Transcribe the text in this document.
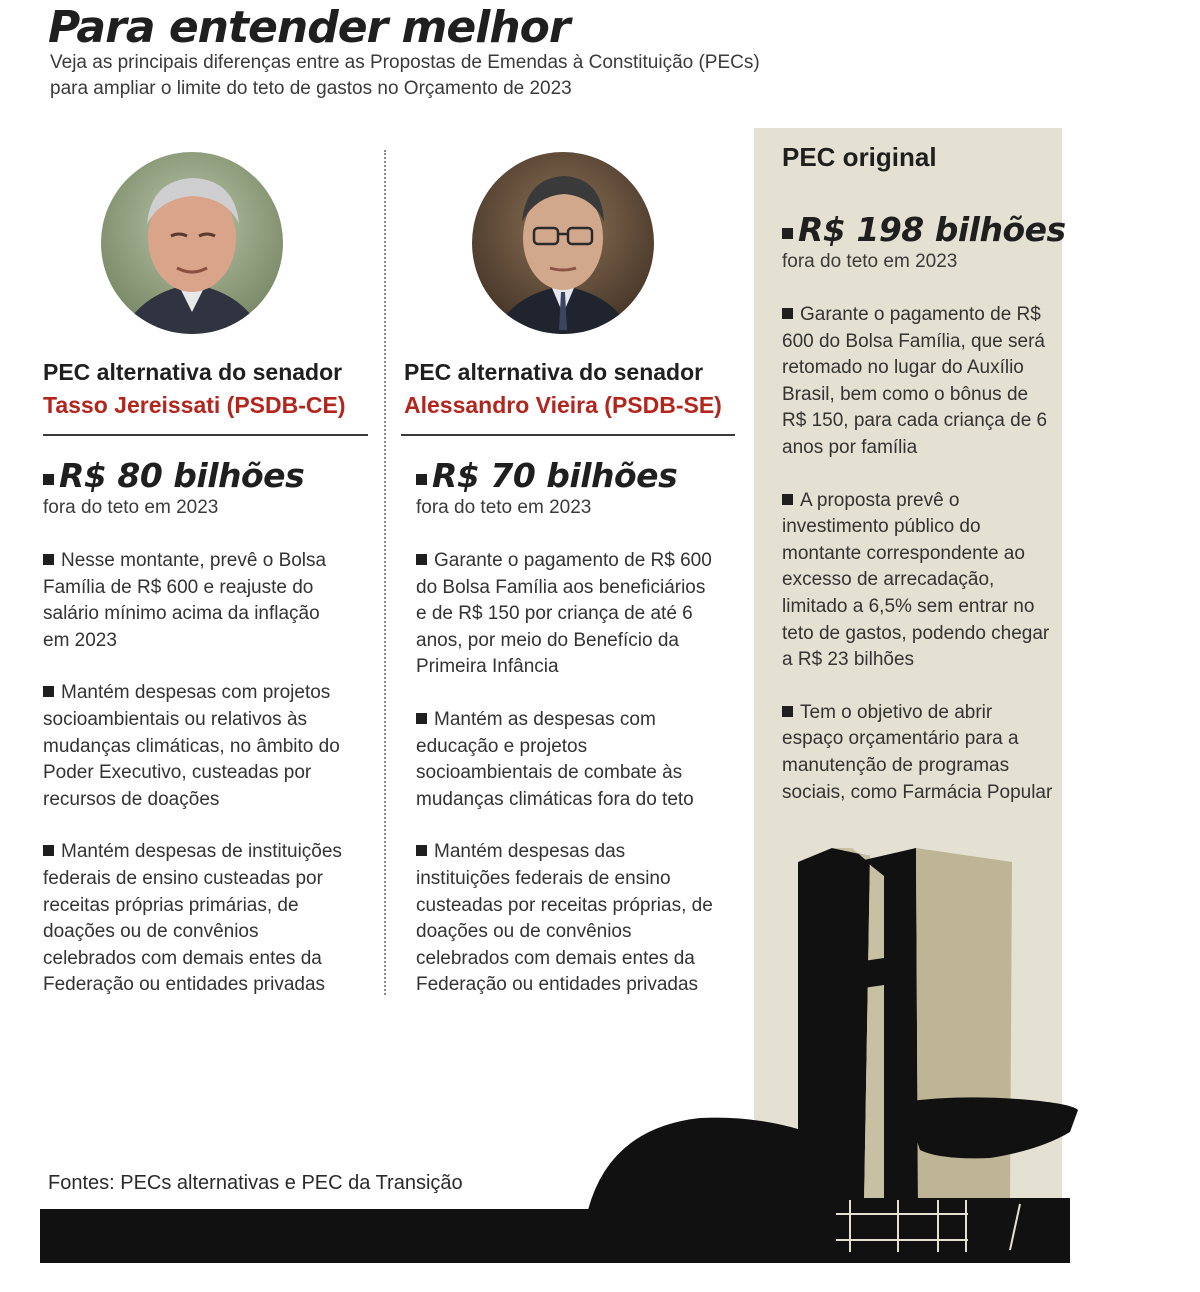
Para entender melhor
Veja as principais diferenças entre as Propostas de Emendas à Constituição (PECs) para ampliar o limite do teto de gastos no Orçamento de 2023
PEC alternativa do senador
Tasso Jereissati (PSDB-CE)
R$ 80 bilhões
fora do teto em 2023

Nesse montante, prevê o Bolsa Família de R$ 600 e reajuste do salário mínimo acima da inflação em 2023

Mantém despesas com projetos socioambientais ou relativos às mudanças climáticas, no âmbito do Poder Executivo, custeadas por recursos de doações

Mantém despesas de instituições federais de ensino custeadas por receitas próprias primárias, de doações ou de convênios celebrados com demais entes da Federação ou entidades privadas

PEC alternativa do senador
Alessandro Vieira (PSDB-SE)
R$ 70 bilhões
fora do teto em 2023

Garante o pagamento de R$ 600 do Bolsa Família aos beneficiários e de R$ 150 por criança de até 6 anos, por meio do Benefício da Primeira Infância

Mantém as despesas com educação e projetos socioambientais de combate às mudanças climáticas fora do teto

Mantém despesas das instituições federais de ensino custeadas por receitas próprias, de doações ou de convênios celebrados com demais entes da Federação ou entidades privadas

PEC original
R$ 198 bilhões
fora do teto em 2023

Garante o pagamento de R$ 600 do Bolsa Família, que será retomado no lugar do Auxílio Brasil, bem como o bônus de R$ 150, para cada criança de 6 anos por família

A proposta prevê o investimento público do montante correspondente ao excesso de arrecadação, limitado a 6,5% sem entrar no teto de gastos, podendo chegar a R$ 23 bilhões

Tem o objetivo de abrir espaço orçamentário para a manutenção de programas sociais, como Farmácia Popular

Fontes: PECs alternativas e PEC da Transição
